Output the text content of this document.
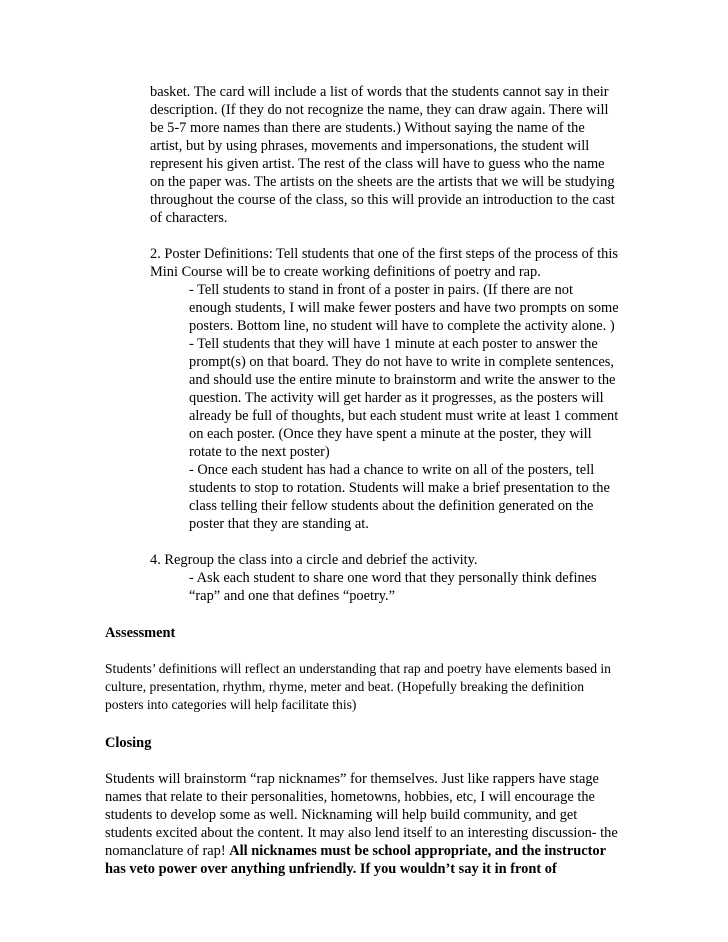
basket. The card will include a list of words that the students cannot say in their
description. (If they do not recognize the name, they can draw again. There will
be 5-7 more names than there are students.) Without saying the name of the
artist, but by using phrases, movements and impersonations, the student will
represent his given artist. The rest of the class will have to guess who the name
on the paper was. The artists on the sheets are the artists that we will be studying
throughout the course of the class, so this will provide an introduction to the cast
of characters.
2. Poster Definitions: Tell students that one of the first steps of the process of this
Mini Course will be to create working definitions of poetry and rap.
- Tell students to stand in front of a poster in pairs. (If there are not
enough students, I will make fewer posters and have two prompts on some
posters. Bottom line, no student will have to complete the activity alone. )
- Tell students that they will have 1 minute at each poster to answer the
prompt(s) on that board. They do not have to write in complete sentences,
and should use the entire minute to brainstorm and write the answer to the
question. The activity will get harder as it progresses, as the posters will
already be full of thoughts, but each student must write at least 1 comment
on each poster. (Once they have spent a minute at the poster, they will
rotate to the next poster)
- Once each student has had a chance to write on all of the posters, tell
students to stop to rotation. Students will make a brief presentation to the
class telling their fellow students about the definition generated on the
poster that they are standing at.
4. Regroup the class into a circle and debrief the activity.
- Ask each student to share one word that they personally think defines
“rap” and one that defines “poetry.”
Assessment
Students’ definitions will reflect an understanding that rap and poetry have elements based in
culture, presentation, rhythm, rhyme, meter and beat. (Hopefully breaking the definition
posters into categories will help facilitate this)
Closing
Students will brainstorm “rap nicknames” for themselves. Just like rappers have stage
names that relate to their personalities, hometowns, hobbies, etc, I will encourage the
students to develop some as well. Nicknaming will help build community, and get
students excited about the content. It may also lend itself to an interesting discussion- the
nomanclature of rap! All nicknames must be school appropriate, and the instructor
has veto power over anything unfriendly. If you wouldn’t say it in front of
